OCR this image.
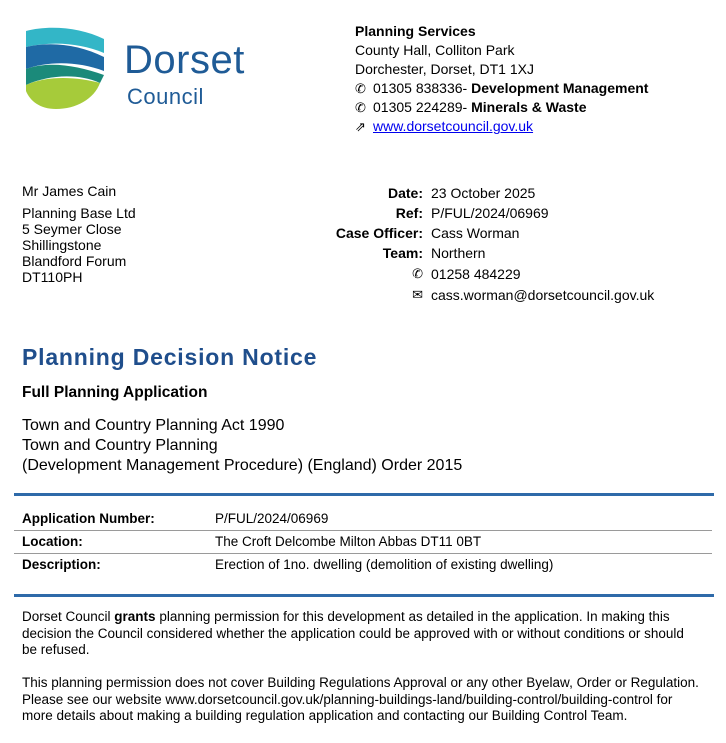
Dorset
Council
Planning Services
County Hall, Colliton Park
Dorchester, Dorset, DT1 1XJ
✆ 01305 838336-
Development Management
✆ 01305 224289-
Minerals & Waste
⇗ www.dorsetcouncil.gov.uk
Mr James Cain
Planning Base Ltd
5 Seymer Close
Shillingstone
Blandford Forum
DT110PH
Date: 23 October 2025
Ref: P/FUL/2024/06969
Case Officer: Cass Worman
Team: Northern
✆ 01258 484229
✉ cass.worman@dorsetcouncil.gov.uk
Planning Decision Notice
Full Planning Application
Town and Country Planning Act 1990
Town and Country Planning
(Development Management Procedure) (England) Order 2015
Application Number:	P/FUL/2024/06969
Location:	The Croft Delcombe Milton Abbas DT11 0BT
Description:	Erection of 1no. dwelling (demolition of existing dwelling)
Dorset Council grants planning permission for this development as detailed in the application. In making this decision the Council considered whether the application could be approved with or without conditions or should be refused.
This planning permission does not cover Building Regulations Approval or any other Byelaw, Order or Regulation. Please see our website www.dorsetcouncil.gov.uk/planning-buildings-land/building-control/building-control for more details about making a building regulation application and contacting our Building Control Team.
